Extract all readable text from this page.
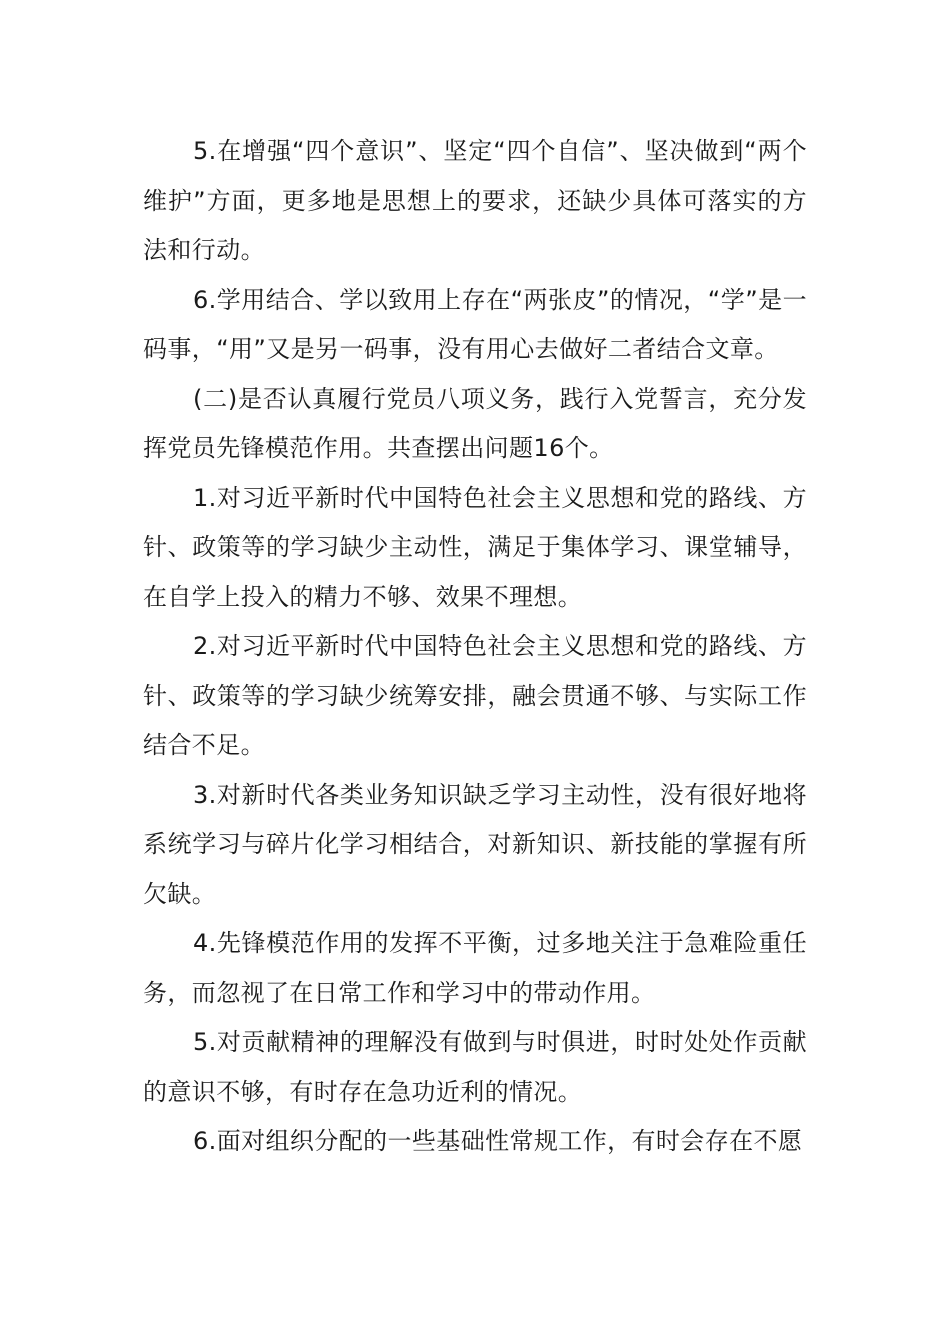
5.在增强“四个意识”、坚定“四个自信”、坚决做到“两个维护”方面，更多地是思想上的要求，还缺少具体可落实的方法和行动。

6.学用结合、学以致用上存在“两张皮”的情况，“学”是一码事，“用”又是另一码事，没有用心去做好二者结合文章。

(二)是否认真履行党员八项义务，践行入党誓言，充分发挥党员先锋模范作用。共查摆出问题16个。

1.对习近平新时代中国特色社会主义思想和党的路线、方针、政策等的学习缺少主动性，满足于集体学习、课堂辅导，在自学上投入的精力不够、效果不理想。

2.对习近平新时代中国特色社会主义思想和党的路线、方针、政策等的学习缺少统筹安排，融会贯通不够、与实际工作结合不足。

3.对新时代各类业务知识缺乏学习主动性，没有很好地将系统学习与碎片化学习相结合，对新知识、新技能的掌握有所欠缺。

4.先锋模范作用的发挥不平衡，过多地关注于急难险重任务，而忽视了在日常工作和学习中的带动作用。

5.对贡献精神的理解没有做到与时俱进，时时处处作贡献的意识不够，有时存在急功近利的情况。

6.面对组织分配的一些基础性常规工作，有时会存在不愿
